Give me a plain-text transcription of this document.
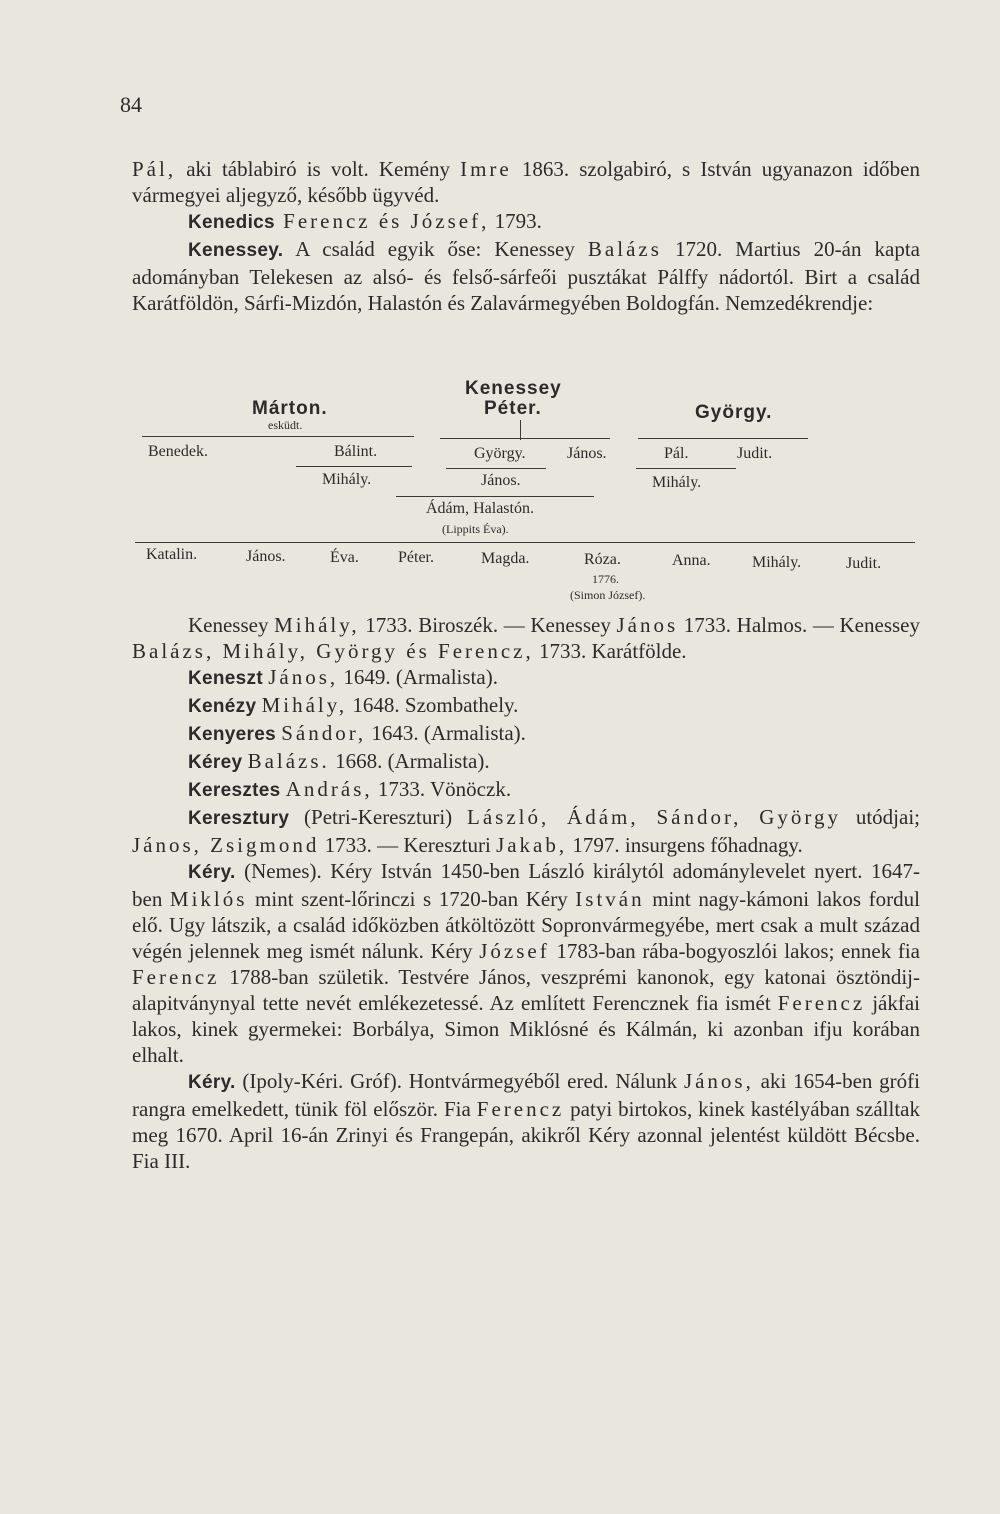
84

Pál, aki táblabiró is volt. Kemény Imre 1863. szolgabiró, s István ugyanazon időben vármegyei aljegyző, később ügyvéd.

Kenedics Ferencz és József, 1793.

Kenessey. A család egyik őse: Kenessey Balázs 1720. Martius 20-án kapta adományban Telekesen az alsó- és felső-sárfeői pusztákat Pálffy nádortól. Birt a család Karátföldön, Sárfi-Mizdón, Halastón és Zalavármegyében Boldogfán. Nemzedékrendje:

Kenessey
Péter.
Márton.
esküdt.
György.
Benedek.	Bálint.	György.	János.	Pál.	Judit.
Mihály.	János.	Mihály.
Ádám, Halastón.
(Lippits Éva).
Katalin.	János.	Éva. Péter.	Magda.	Róza.
1776.
(Simon József).
Anna.	Mihály.	Judit.

Kenessey Mihály, 1733. Biroszék. — Kenessey János 1733. Halmos. — Kenessey Balázs, Mihály, György és Ferencz, 1733. Karátfölde.

Keneszt János, 1649. (Armalista).

Kenézy Mihály, 1648. Szombathely.

Kenyeres Sándor, 1643. (Armalista).

Kérey Balázs. 1668. (Armalista).

Keresztes András, 1733. Vönöczk.

Keresztury (Petri-Kereszturi) László, Ádám, Sándor, György utódjai; János, Zsigmond 1733. — Kereszturi Jakab, 1797. insurgens főhadnagy.

Kéry. (Nemes). Kéry István 1450-ben László királytól adománylevelet nyert. 1647-ben Miklós mint szent-lőrinczi s 1720-ban Kéry István mint nagy-kámoni lakos fordul elő. Ugy látszik, a család időközben átköltözött Sopronvármegyébe, mert csak a mult század végén jelennek meg ismét nálunk. Kéry József 1783-ban rába-bogyoszlói lakos; ennek fia Ferencz 1788-ban születik. Testvére János, veszprémi kanonok, egy katonai ösztöndij-alapitványnyal tette nevét emlékezetessé. Az említett Ferencznek fia ismét Ferencz jákfai lakos, kinek gyermekei: Borbálya, Simon Miklósné és Kálmán, ki azonban ifju korában elhalt.

Kéry. (Ipoly-Kéri. Gróf). Hontvármegyéből ered. Nálunk János, aki 1654-ben grófi rangra emelkedett, tünik föl először. Fia Ferencz patyi birtokos, kinek kastélyában szálltak meg 1670. April 16-án Zrinyi és Frangepán, akikről Kéry azonnal jelentést küldött Bécsbe. Fia III.
